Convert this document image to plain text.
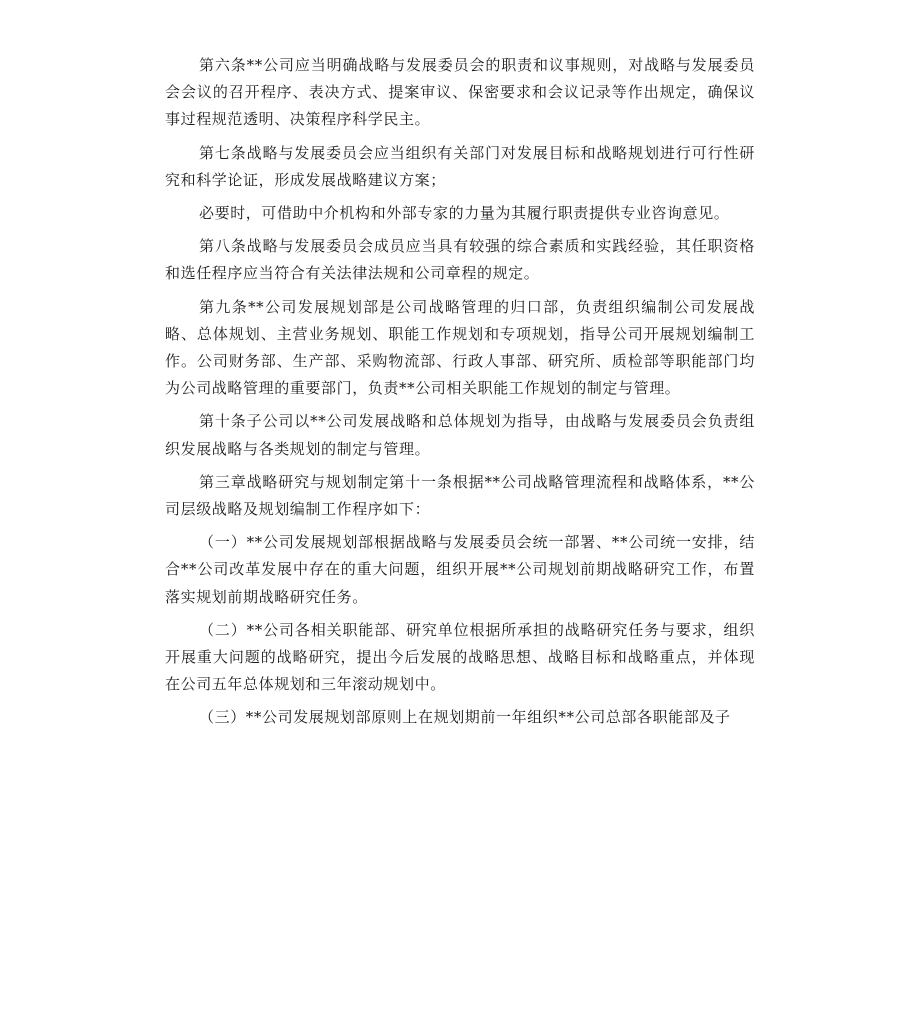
第六条**公司应当明确战略与发展委员会的职责和议事规则，对战略与发展委员会会议的召开程序、表决方式、提案审议、保密要求和会议记录等作出规定，确保议事过程规范透明、决策程序科学民主。

第七条战略与发展委员会应当组织有关部门对发展目标和战略规划进行可行性研究和科学论证，形成发展战略建议方案；

必要时，可借助中介机构和外部专家的力量为其履行职责提供专业咨询意见。

第八条战略与发展委员会成员应当具有较强的综合素质和实践经验，其任职资格和选任程序应当符合有关法律法规和公司章程的规定。

第九条**公司发展规划部是公司战略管理的归口部，负责组织编制公司发展战略、总体规划、主营业务规划、职能工作规划和专项规划，指导公司开展规划编制工作。公司财务部、生产部、采购物流部、行政人事部、研究所、质检部等职能部门均为公司战略管理的重要部门，负责**公司相关职能工作规划的制定与管理。

第十条子公司以**公司发展战略和总体规划为指导，由战略与发展委员会负责组织发展战略与各类规划的制定与管理。

第三章战略研究与规划制定第十一条根据**公司战略管理流程和战略体系，**公司层级战略及规划编制工作程序如下：

（一）**公司发展规划部根据战略与发展委员会统一部署、**公司统一安排，结合**公司改革发展中存在的重大问题，组织开展**公司规划前期战略研究工作，布置落实规划前期战略研究任务。

（二）**公司各相关职能部、研究单位根据所承担的战略研究任务与要求，组织开展重大问题的战略研究，提出今后发展的战略思想、战略目标和战略重点，并体现在公司五年总体规划和三年滚动规划中。

（三）**公司发展规划部原则上在规划期前一年组织**公司总部各职能部及子
